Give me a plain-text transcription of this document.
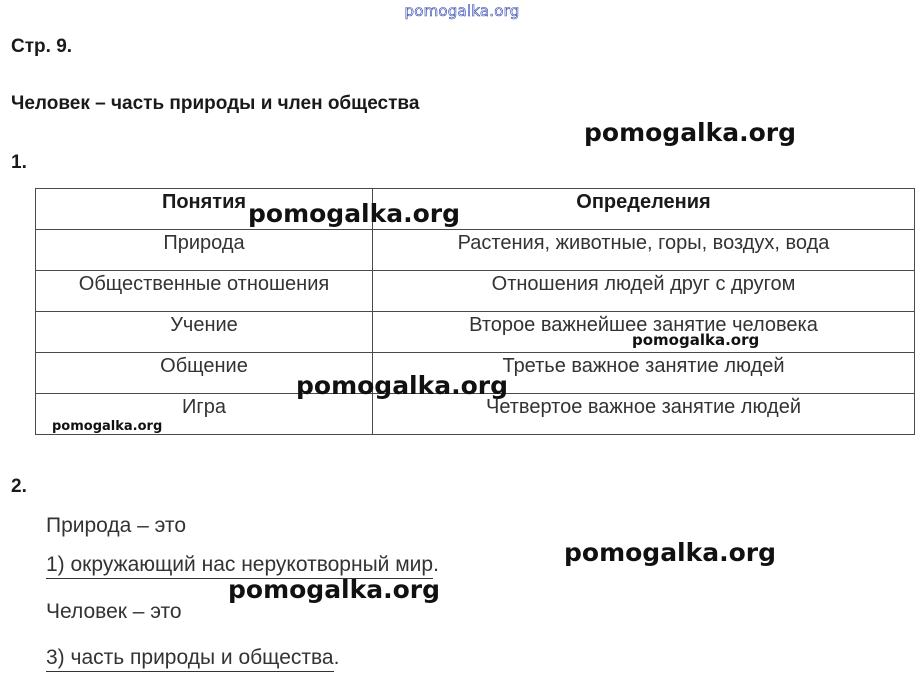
pomogalka.org
Стр. 9.
Человек – часть природы и член общества
pomogalka.org
1.
Понятия	Определения
Природа	Растения, животные, горы, воздух, вода
Общественные отношения	Отношения людей друг с другом
Учение	Второе важнейшее занятие человека
Общение	Третье важное занятие людей
Игра	Четвертое важное занятие людей
pomogalka.org
pomogalka.org
pomogalka.org
pomogalka.org
2.
Природа – это
1) окружающий нас нерукотворный мир.	pomogalka.org
pomogalka.org
Человек – это
3) часть природы и общества.
